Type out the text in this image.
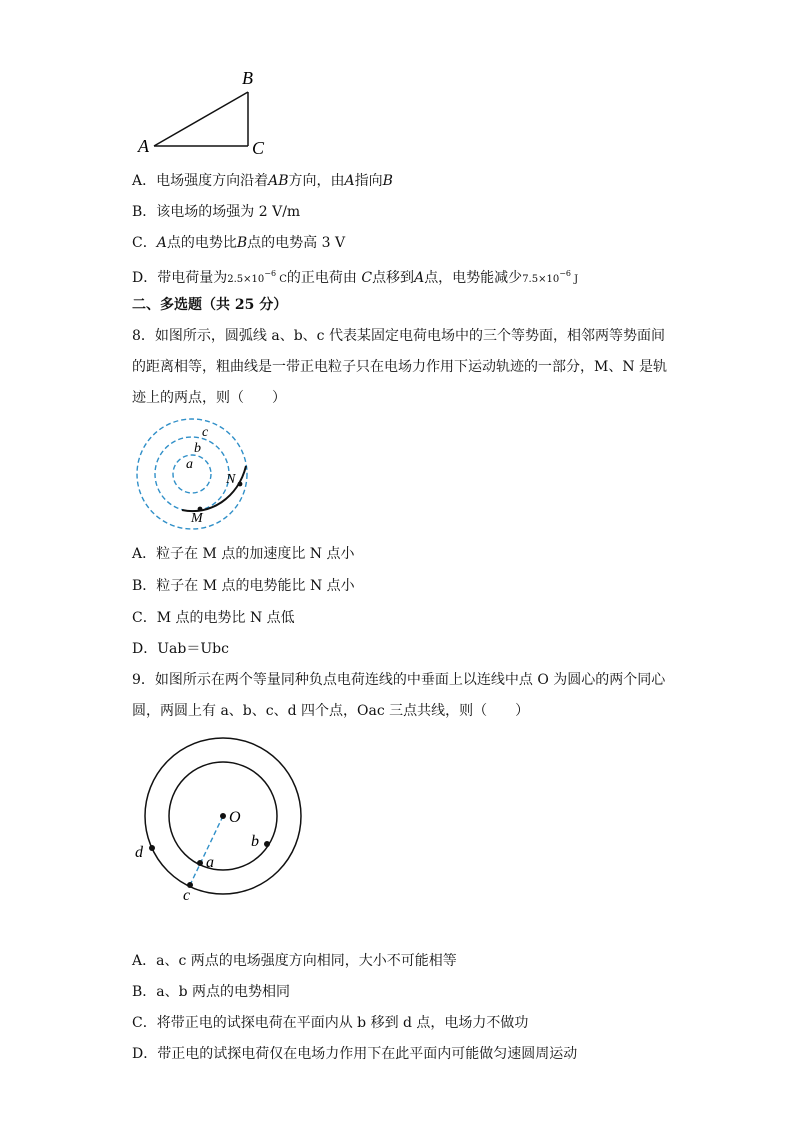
A
B
C
A．电场强度方向沿着AB方向，由A指向B
B．该电场的场强为 2 V/m
C．A点的电势比B点的电势高 3 V
D．带电荷量为$2.5\times 10^{-6}$ C的正电荷由 C点移到A点，电势能减少$7.5\times 10^{-6}$ J
二、多选题（共 25 分）
8．如图所示，圆弧线 a、b、c 代表某固定电荷电场中的三个等势面，相邻两等势面间
的距离相等，粗曲线是一带正电粒子只在电场力作用下运动轨迹的一部分，M、N 是轨
迹上的两点，则（　　）
c
b
a
N
M
A．粒子在 M 点的加速度比 N 点小
B．粒子在 M 点的电势能比 N 点小
C．M 点的电势比 N 点低
D．Uab＝Ubc
9．如图所示在两个等量同种负点电荷连线的中垂面上以连线中点 O 为圆心的两个同心
圆，两圆上有 a、b、c、d 四个点，Oac 三点共线，则（　　）
O
a
b
c
d
A．a、c 两点的电场强度方向相同，大小不可能相等
B．a、b 两点的电势相同
C．将带正电的试探电荷在平面内从 b 移到 d 点，电场力不做功
D．带正电的试探电荷仅在电场力作用下在此平面内可能做匀速圆周运动
